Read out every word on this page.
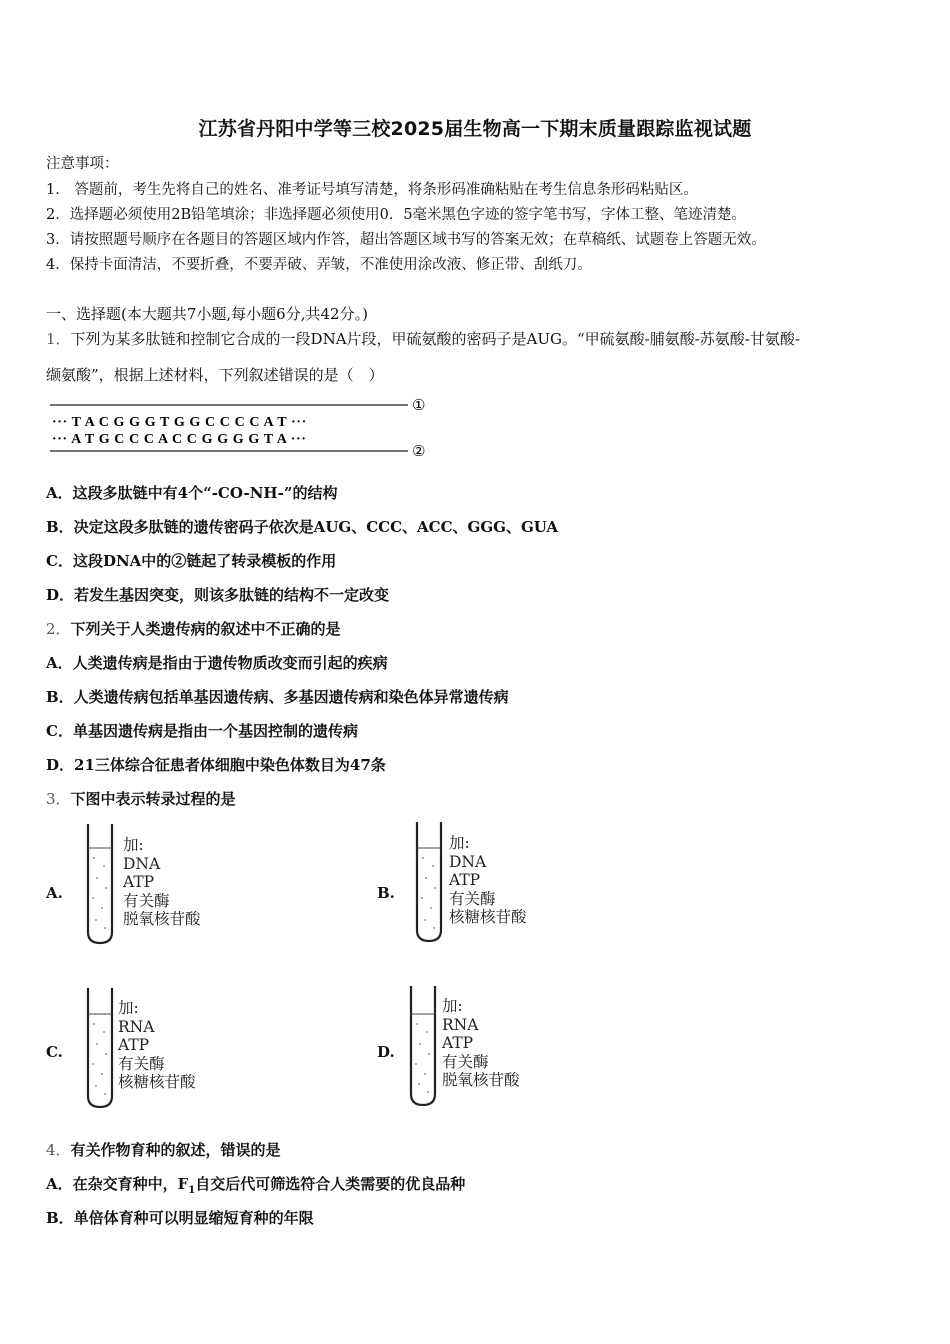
江苏省丹阳中学等三校2025届生物高一下期末质量跟踪监视试题
注意事项：
1.　答题前，考生先将自己的姓名、准考证号填写清楚，将条形码准确粘贴在考生信息条形码粘贴区。
2．选择题必须使用2B铅笔填涂；非选择题必须使用0．5毫米黑色字迹的签字笔书写，字体工整、笔迹清楚。
3．请按照题号顺序在各题目的答题区域内作答，超出答题区域书写的答案无效；在草稿纸、试题卷上答题无效。
4．保持卡面清洁，不要折叠，不要弄破、弄皱，不准使用涂改液、修正带、刮纸刀。
一、选择题(本大题共7小题,每小题6分,共42分。)
1．下列为某多肽链和控制它合成的一段DNA片段，甲硫氨酸的密码子是AUG。“甲硫氨酸-脯氨酸-苏氨酸-甘氨酸-
缬氨酸”，根据上述材料，下列叙述错误的是（　）
··· T A C G G G T G G C C C C A T ···
··· A T G C C C A C C G G G G T A ···
①
②
A．这段多肽链中有4个“-CO-NH-”的结构
B．决定这段多肽链的遗传密码子依次是AUG、CCC、ACC、GGG、GUA
C．这段DNA中的②链起了转录模板的作用
D．若发生基因突变，则该多肽链的结构不一定改变
2．下列关于人类遗传病的叙述中不正确的是
A．人类遗传病是指由于遗传物质改变而引起的疾病
B．人类遗传病包括单基因遗传病、多基因遗传病和染色体异常遗传病
C．单基因遗传病是指由一个基因控制的遗传病
D．21三体综合征患者体细胞中染色体数目为47条
3．下图中表示转录过程的是
A.
加:
DNA
ATP
有关酶
脱氧核苷酸
B.
加:
DNA
ATP
有关酶
核糖核苷酸
C.
加:
RNA
ATP
有关酶
核糖核苷酸
D.
加:
RNA
ATP
有关酶
脱氧核苷酸
4．有关作物育种的叙述，错误的是
A．在杂交育种中，$F_1$自交后代可筛选符合人类需要的优良品种
B．单倍体育种可以明显缩短育种的年限
